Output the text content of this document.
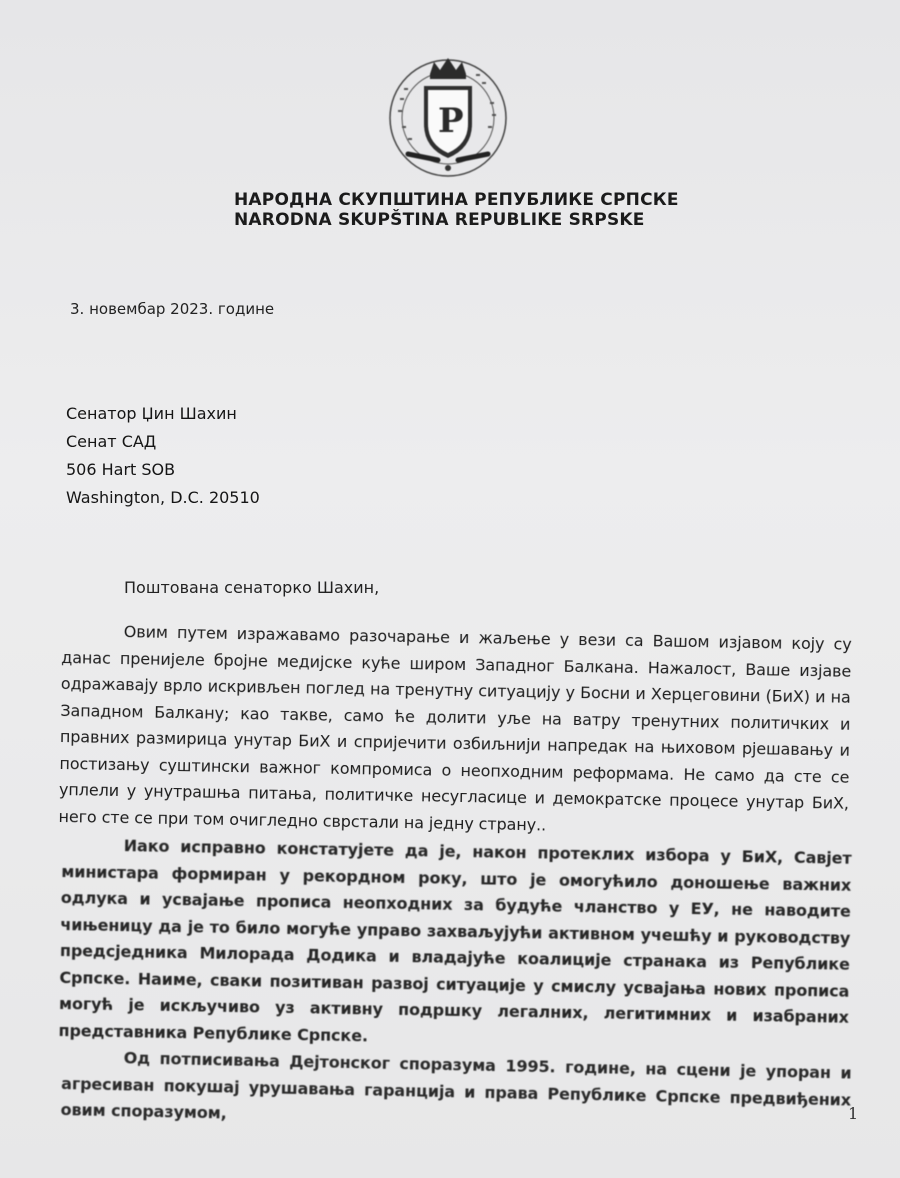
Р
НАРОДНА СКУПШТИНА РЕПУБЛИКЕ СРПСКЕ
NARODNA SKUPŠTINA REPUBLIKE SRPSKE
3. новембар 2023. године
Сенатор Џин Шахин
Сенат САД
506 Hart SOB
Washington, D.C. 20510
Поштована сенаторко Шахин,

Овим путем изражавамо разочарање и жаљење у вези са Вашом изјавом коју су данас пренијеле бројне медијске куће широм Западног Балкана. Нажалост, Ваше изјаве одражавају врло искривљен поглед на тренутну ситуацију у Босни и Херцеговини (БиХ) и на Западном Балкану; као такве, само ће долити уље на ватру тренутних политичких и правних размирица унутар БиХ и спријечити озбиљнији напредак на њиховом рјешавању и постизању суштински важног компромиса о неопходним реформама. Не само да сте се уплели у унутрашња питања, политичке несугласице и демократске процесе унутар БиХ, него сте се при том очигледно сврстали на једну страну..

Иако исправно констатујете да је, након протеклих избора у БиХ, Савјет министара формиран у рекордном року, што је омогућило доношење важних одлука и усвајање прописа неопходних за будуће чланство у ЕУ, не наводите чињеницу да је то било могуће управо захваљујући активном учешћу и руководству предсједника Милорада Додика и владајуће коалиције странака из Републике Српске. Наиме, сваки позитиван развој ситуације у смислу усвајања нових прописа могућ је искључиво уз активну подршку легалних, легитимних и изабраних представника Републике Српске.

Од потписивања Дејтонског споразума 1995. године, на сцени је упоран и агресиван покушај урушавања гаранција и права Републике Српске предвиђених овим споразумом,	1
